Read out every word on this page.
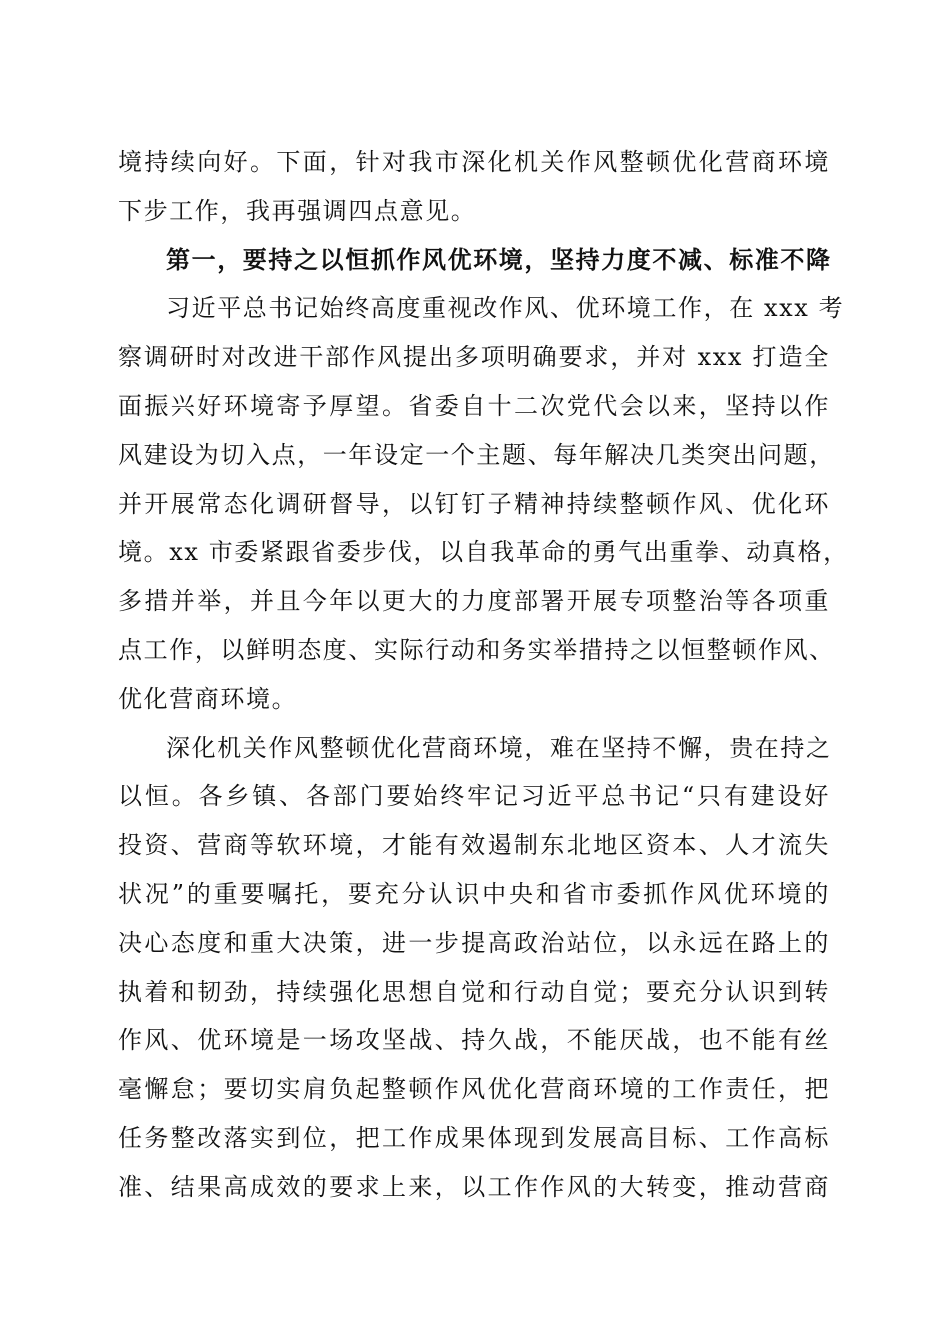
境持续向好。下面，针对我市深化机关作风整顿优化营商环境
下步工作，我再强调四点意见。

第一，要持之以恒抓作风优环境，坚持力度不减、标准不降

习近平总书记始终高度重视改作风、优环境工作，在 xxx 考
察调研时对改进干部作风提出多项明确要求，并对 xxx 打造全
面振兴好环境寄予厚望。省委自十二次党代会以来，坚持以作
风建设为切入点，一年设定一个主题、每年解决几类突出问题，
并开展常态化调研督导，以钉钉子精神持续整顿作风、优化环
境。xx 市委紧跟省委步伐，以自我革命的勇气出重拳、动真格，
多措并举，并且今年以更大的力度部署开展专项整治等各项重
点工作，以鲜明态度、实际行动和务实举措持之以恒整顿作风、
优化营商环境。

深化机关作风整顿优化营商环境，难在坚持不懈，贵在持之
以恒。各乡镇、各部门要始终牢记习近平总书记“只有建设好
投资、营商等软环境，才能有效遏制东北地区资本、人才流失
状况”的重要嘱托，要充分认识中央和省市委抓作风优环境的
决心态度和重大决策，进一步提高政治站位，以永远在路上的
执着和韧劲，持续强化思想自觉和行动自觉；要充分认识到转
作风、优环境是一场攻坚战、持久战，不能厌战，也不能有丝
毫懈怠；要切实肩负起整顿作风优化营商环境的工作责任，把
任务整改落实到位，把工作成果体现到发展高目标、工作高标
准、结果高成效的要求上来，以工作作风的大转变，推动营商
